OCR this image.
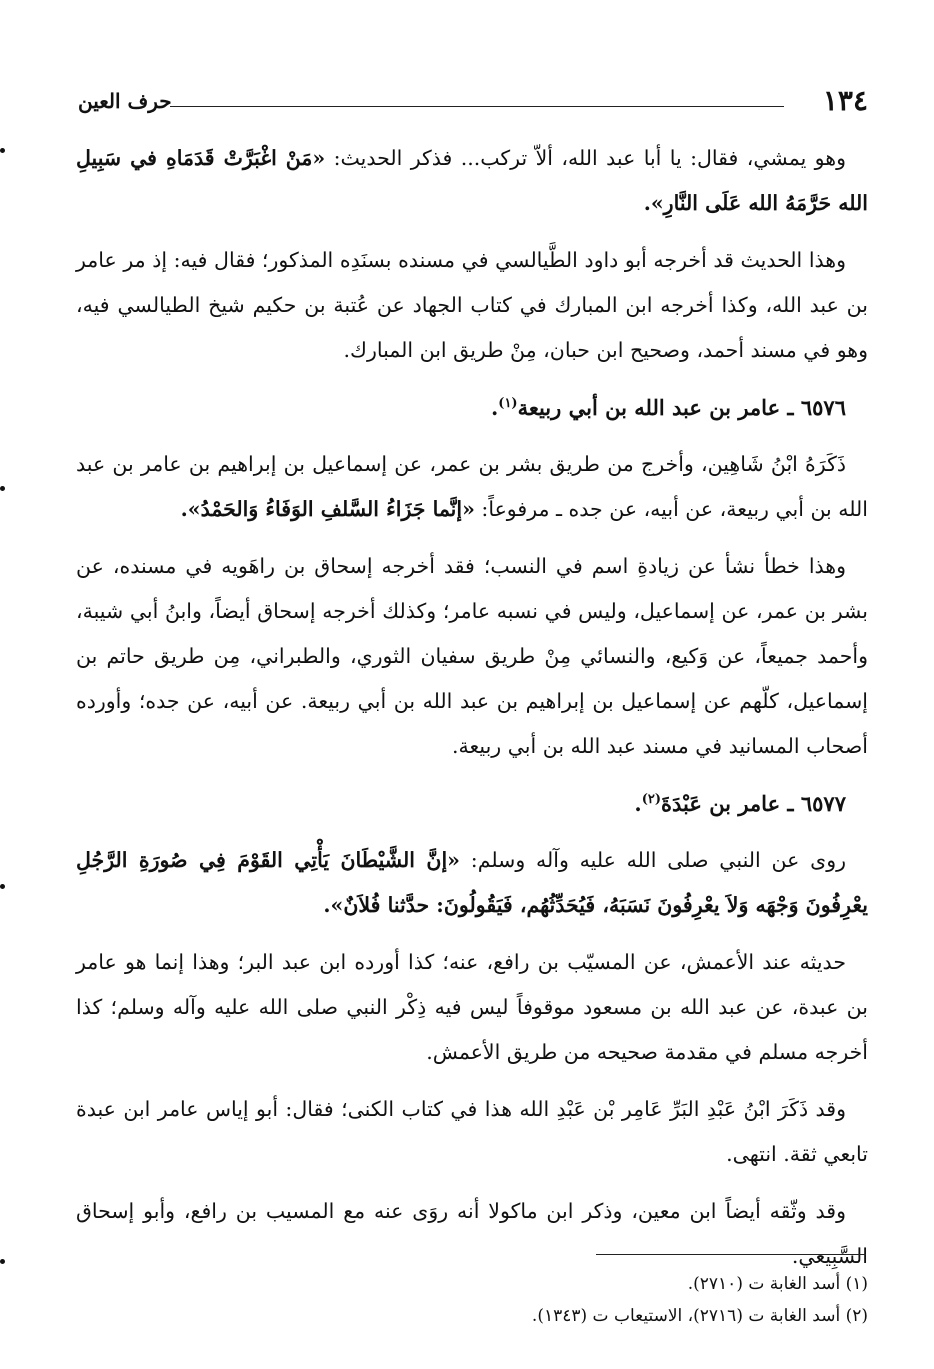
١٣٤
حرف العين

وهو يمشي، فقال: يا أبا عبد الله، ألاّ تركب... فذكر الحديث: «مَنْ اغْبَرَّتْ قَدَمَاهِ في سَبِيلِ الله حَرَّمَهُ الله عَلَى النَّارِ».

وهذا الحديث قد أخرجه أبو داود الطَّيالسي في مسنده بسنَدِه المذكور؛ فقال فيه: إذ مر عامر بن عبد الله، وكذا أخرجه ابن المبارك في كتاب الجهاد عن عُتبة بن حكيم شيخ الطيالسي فيه، وهو في مسند أحمد، وصحيح ابن حبان، مِنْ طريق ابن المبارك.

٦٥٧٦ ـ عامر بن عبد الله بن أبي ربيعة$^{(١)}$.

ذَكَرَهُ ابْنُ شَاهِين، وأخرج من طريق بشر بن عمر، عن إسماعيل بن إبراهيم بن عامر بن عبد الله بن أبي ربيعة، عن أبيه، عن جده ـ مرفوعاً: «إنَّما جَزَاءُ السَّلفِ الوَفَاءُ وَالحَمْدُ».

وهذا خطأ نشأ عن زيادةِ اسم في النسب؛ فقد أخرجه إسحاق بن راهَويه في مسنده، عن بشر بن عمر، عن إسماعيل، وليس في نسبه عامر؛ وكذلك أخرجه إسحاق أيضاً، وابنُ أبي شيبة، وأحمد جميعاً، عن وَكيع، والنسائي مِنْ طريق سفيان الثوري، والطبراني، مِن طريق حاتم بن إسماعيل، كلّهم عن إسماعيل بن إبراهيم بن عبد الله بن أبي ربيعة. عن أبيه، عن جده؛ وأورده أصحاب المسانيد في مسند عبد الله بن أبي ربيعة.

٦٥٧٧ ـ عامر بن عَبْدَةَ$^{(٢)}$.

روى عن النبي صلى الله عليه وآله وسلم: «إنَّ الشَّيْطَانَ يَأْتِي القَوْمَ فِي صُورَةِ الرَّجُلِ يعْرِفُونَ وَجْهَه وَلاَ يعْرِفُونَ نَسَبَهُ، فَيُحَدِّثُهُم، فَيَقُولُونَ: حدَّثنا فُلاَنٌ».

حديثه عند الأعمش، عن المسيّب بن رافع، عنه؛ كذا أورده ابن عبد البر؛ وهذا إنما هو عامر بن عبدة، عن عبد الله بن مسعود موقوفاً ليس فيه ذِكْر النبي صلى الله عليه وآله وسلم؛ كذا أخرجه مسلم في مقدمة صحيحه من طريق الأعمش.

وقد ذَكَرَ ابْنُ عَبْدِ البَرِّ عَامِر بْن عَبْدِ الله هذا في كتاب الكنى؛ فقال: أبو إياس عامر ابن عبدة تابعي ثقة. انتهى.

وقد وثّقه أيضاً ابن معين، وذكر ابن ماكولا أنه روَى عنه مع المسيب بن رافع، وأبو إسحاق السَّبِيعي.

(١) أسد الغابة ت (٢٧١٠).

(٢) أسد الغابة ت (٢٧١٦)، الاستيعاب ت (١٣٤٣).
